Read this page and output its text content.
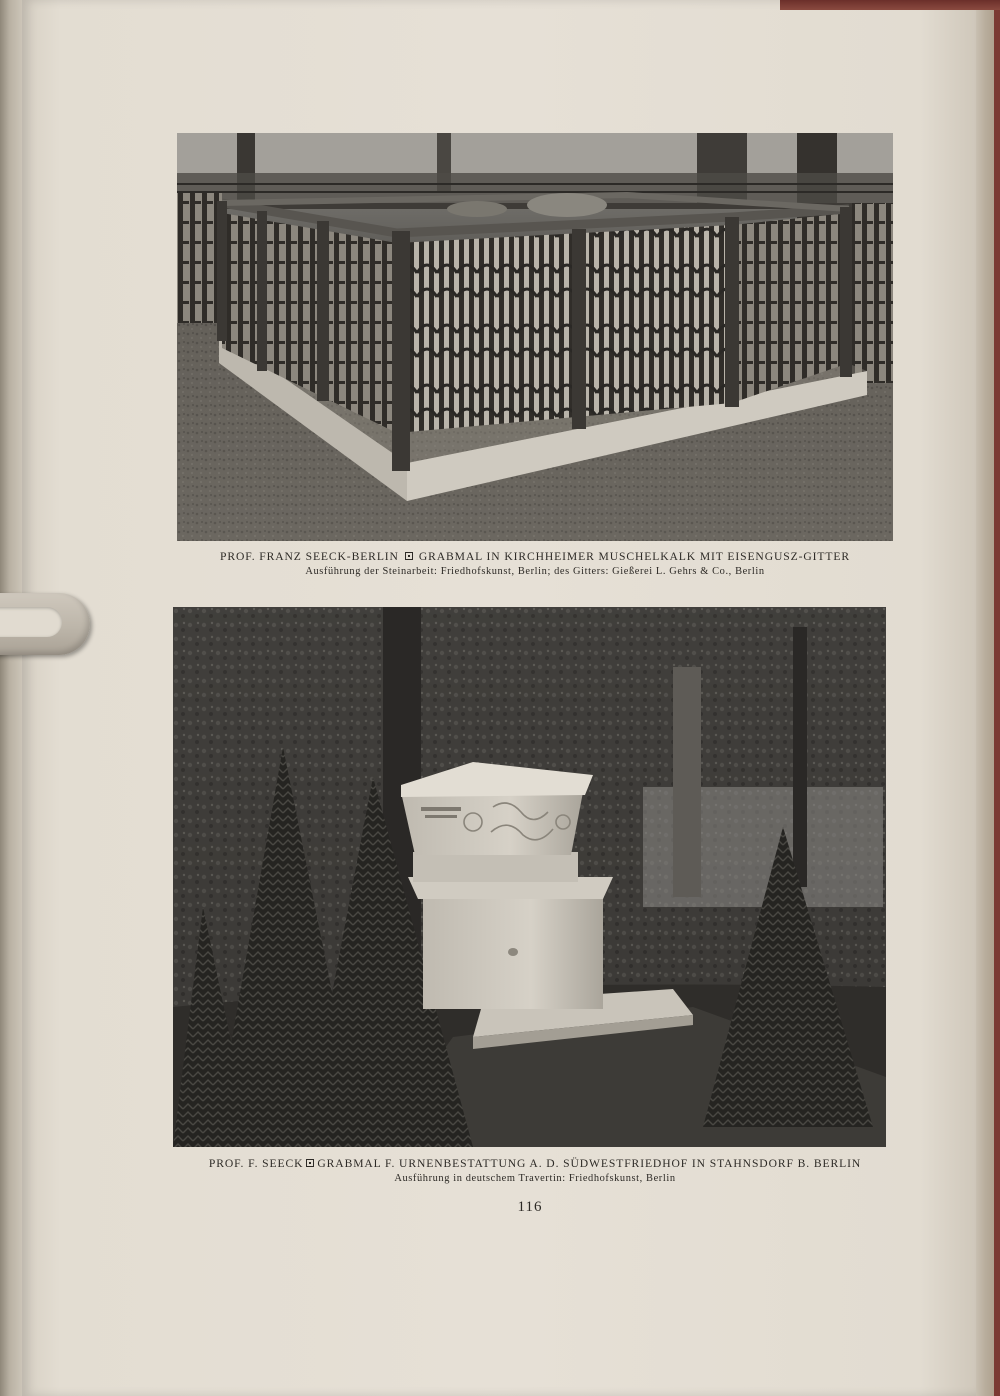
PROF. FRANZ SEECK-BERLIN GRABMAL IN KIRCHHEIMER MUSCHELKALK MIT EISENGUSZ-GITTER
Ausführung der Steinarbeit: Friedhofskunst, Berlin; des Gitters: Gießerei L. Gehrs & Co., Berlin
PROF. F. SEECK GRABMAL F. URNENBESTATTUNG A. D. SÜDWESTFRIEDHOF IN STAHNSDORF B. BERLIN
Ausführung in deutschem Travertin: Friedhofskunst, Berlin
116
